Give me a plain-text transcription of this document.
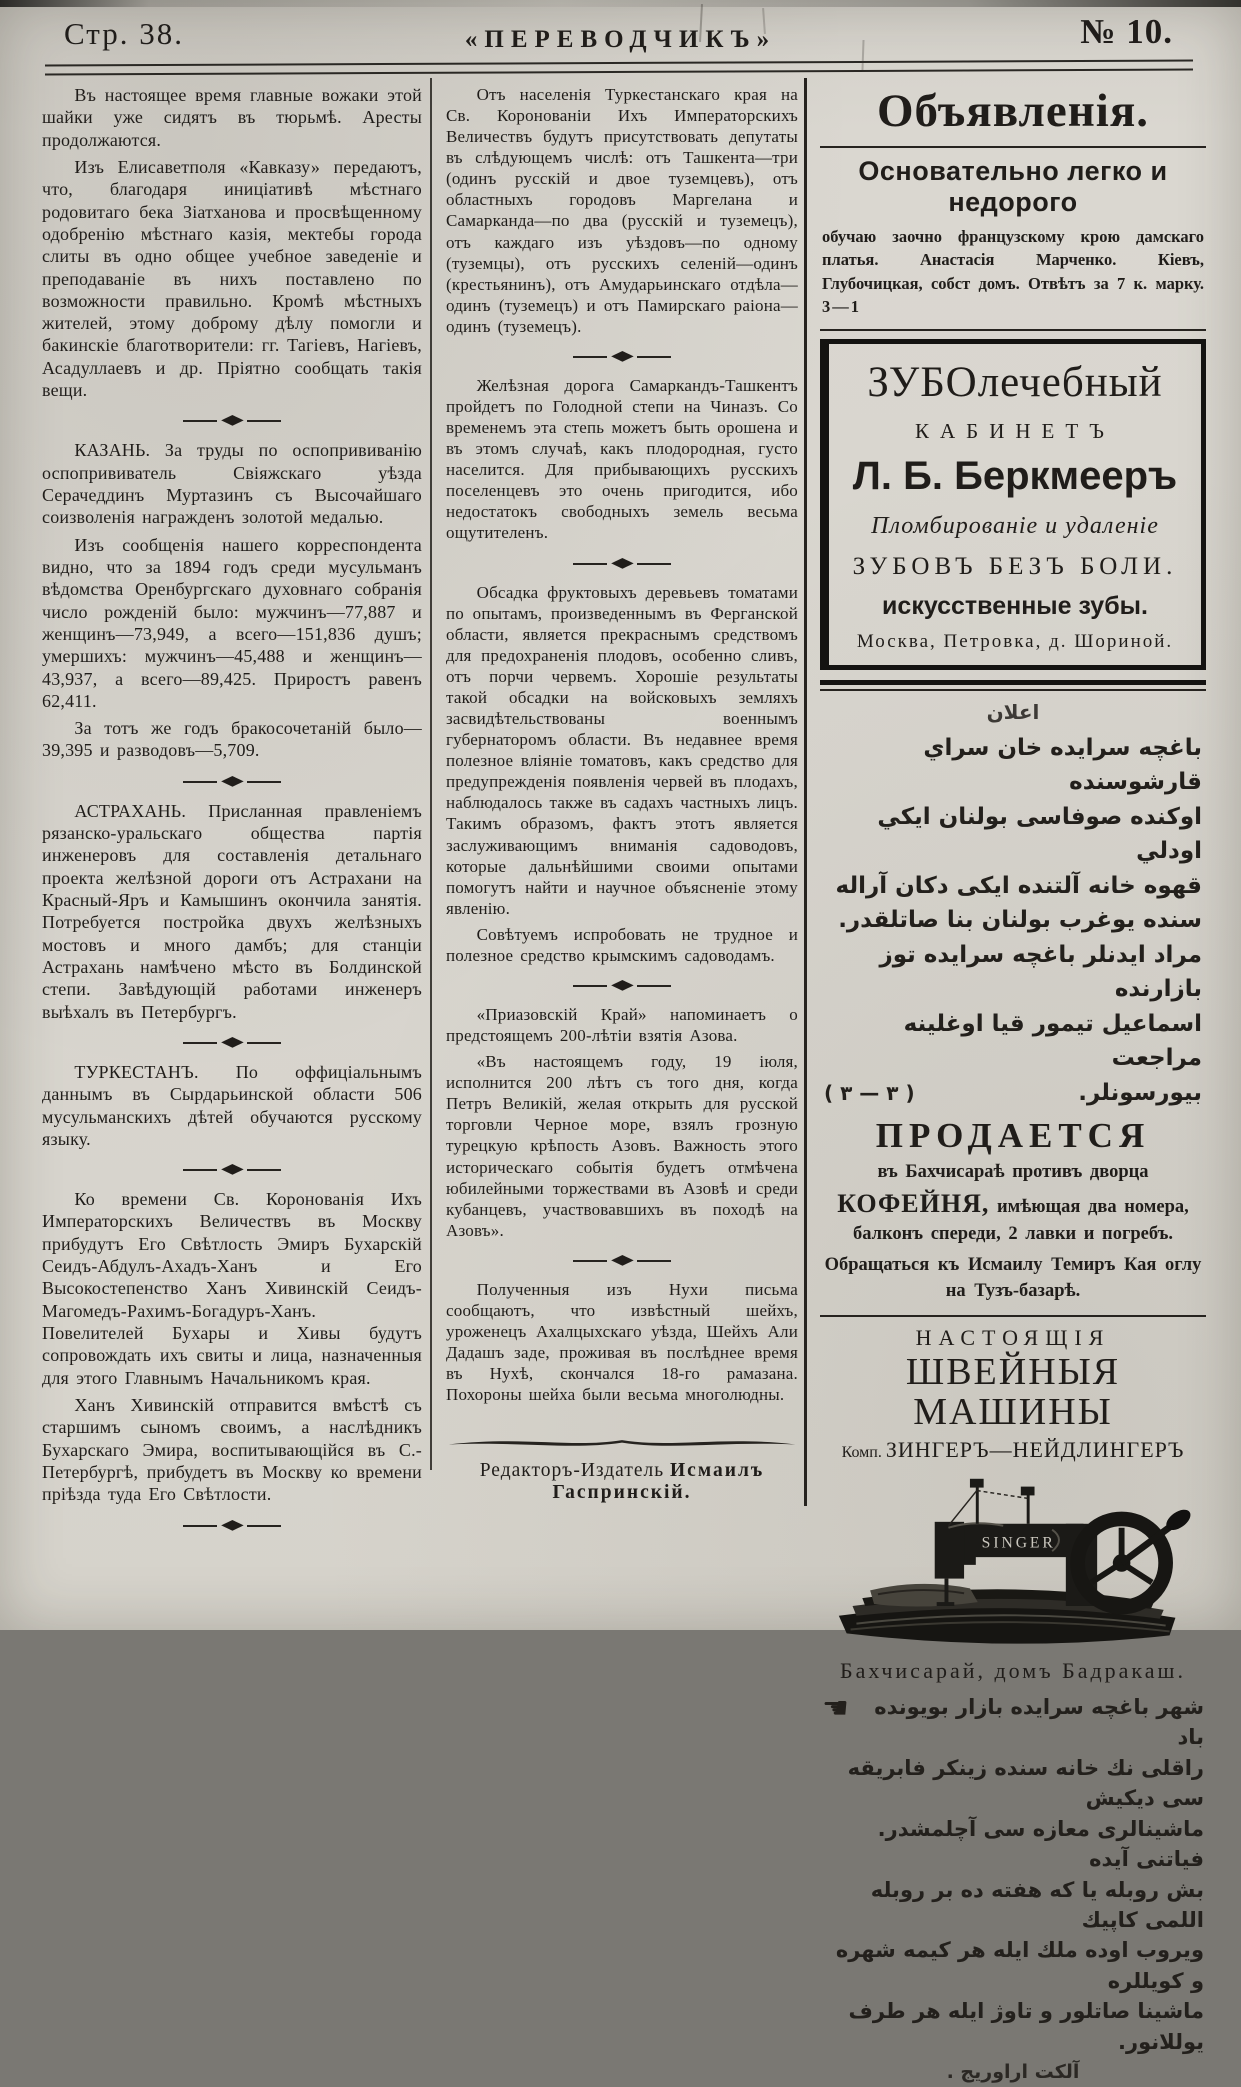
Стр. 38.	«ПЕРЕВОДЧИКЪ»	№ 10.

Въ настоящее время главные вожаки этой шайки уже сидятъ въ тюрьмѣ. Аресты продолжаются.

Изъ Елисаветполя «Кавказу» передаютъ, что, благодаря иниціативѣ мѣстнаго родовитаго бека Зіатханова и просвѣщенному одобренію мѣстнаго казія, мектебы города слиты въ одно общее учебное заведеніе и преподаваніе въ нихъ поставлено по возможности правильно. Кромѣ мѣстныхъ жителей, этому доброму дѣлу помогли и бакинскіе благотворители: гг. Тагіевъ, Нагіевъ, Асадуллаевъ и др. Пріятно сообщать такія вещи.

◆

КАЗАНЬ. За труды по оспопрививанію оспопрививатель Свіяжскаго уѣзда Серачеддинъ Муртазинъ съ Высочайшаго соизволенія награжденъ золотой медалью.

Изъ сообщенія нашего корреспондента видно, что за 1894 годъ среди мусульманъ вѣдомства Оренбургскаго духовнаго собранія число рожденій было: мужчинъ—77,887 и женщинъ—73,949, а всего—151,836 душъ; умершихъ: мужчинъ—45,488 и женщинъ—43,937, а всего—89,425. Приростъ равенъ 62,411.

За тотъ же годъ бракосочетаній было—39,395 и разводовъ—5,709.

◆

АСТРАХАНЬ. Присланная правленіемъ рязанско-уральскаго общества партія инженеровъ для составленія детальнаго проекта желѣзной дороги отъ Астрахани на Красный-Яръ и Камышинъ окончила занятія. Потребуется постройка двухъ желѣзныхъ мостовъ и много дамбъ; для станціи Астрахань намѣчено мѣсто въ Болдинской степи. Завѣдующій работами инженеръ выѣхалъ въ Петербургъ.

◆

ТУРКЕСТАНЪ. По оффиціальнымъ даннымъ въ Сырдарьинской области 506 мусульманскихъ дѣтей обучаются русскому языку.

◆

Ко времени Св. Коронованія Ихъ Императорскихъ Величествъ въ Москву прибудутъ Его Свѣтлость Эмиръ Бухарскій Сеидъ-Абдулъ-Ахадъ-Ханъ и Его Высокостепенство Ханъ Хивинскій Сеидъ-Магомедъ-Рахимъ-Богадуръ-Ханъ. Повелителей Бухары и Хивы будутъ сопровождать ихъ свиты и лица, назначенныя для этого Главнымъ Начальникомъ края.

Ханъ Хивинскій отправится вмѣстѣ съ старшимъ сыномъ своимъ, а наслѣдникъ Бухарскаго Эмира, воспитывающійся въ С.-Петербургѣ, прибудетъ въ Москву ко времени пріѣзда туда Его Свѣтлости.

◆

Отъ населенія Туркестанскаго края на Св. Коронованіи Ихъ Императорскихъ Величествъ будутъ присутствовать депутаты въ слѣдующемъ числѣ: отъ Ташкента—три (одинъ русскій и двое туземцевъ), отъ областныхъ городовъ Маргелана и Самарканда—по два (русскій и туземецъ), отъ каждаго изъ уѣздовъ—по одному (туземцы), отъ русскихъ селеній—одинъ (крестьянинъ), отъ Амударьинскаго отдѣла—одинъ (туземецъ) и отъ Памирскаго раіона—одинъ (туземецъ).

◆

Желѣзная дорога Самаркандъ-Ташкентъ пройдетъ по Голодной степи на Чиназъ. Со временемъ эта степь можетъ быть орошена и въ этомъ случаѣ, какъ плодородная, густо населится. Для прибывающихъ русскихъ поселенцевъ это очень пригодится, ибо недостатокъ свободныхъ земель весьма ощутителенъ.

◆

Обсадка фруктовыхъ деревьевъ томатами по опытамъ, произведеннымъ въ Ферганской области, является прекраснымъ средствомъ для предохраненія плодовъ, особенно сливъ, отъ порчи червемъ. Хорошіе результаты такой обсадки на войсковыхъ земляхъ засвидѣтельствованы военнымъ губернаторомъ области. Въ недавнее время полезное вліяніе томатовъ, какъ средство для предупрежденія появленія червей въ плодахъ, наблюдалось также въ садахъ частныхъ лицъ. Такимъ образомъ, фактъ этотъ является заслуживающимъ вниманія садоводовъ, которые дальнѣйшими своими опытами помогутъ найти и научное объясненіе этому явленію.

Совѣтуемъ испробовать не трудное и полезное средство крымскимъ садоводамъ.

◆

«Приазовскій Край» напоминаетъ о предстоящемъ 200-лѣтіи взятія Азова.

«Въ настоящемъ году, 19 іюля, исполнится 200 лѣтъ съ того дня, когда Петръ Великій, желая открыть для русской торговли Черное море, взялъ грозную турецкую крѣпость Азовъ. Важность этого историческаго событія будетъ отмѣчена юбилейными торжествами въ Азовѣ и среди кубанцевъ, участвовавшихъ въ походѣ на Азовъ».

◆

Полученныя изъ Нухи письма сообщаютъ, что извѣстный шейхъ, уроженецъ Ахалцыхскаго уѣзда, Шейхъ Али Дадашъ заде, проживая въ послѣднее время въ Нухѣ, скончался 18-го рамазана. Похороны шейха были весьма многолюдны.

Редакторъ-Издатель Исмаилъ Гаспринскій.
Объявленія.
Основательно легко и недорого
обучаю заочно французскому крою дамскаго платья. Анастасія Марченко. Кіевъ, Глубочицкая, собст домъ. Отвѣтъ за 7 к. марку. 3—1
ЗУБОлечебный
КАБИНЕТЪ
Л. Б. Беркмееръ
Пломбированіе и удаленіе
ЗУБОВЪ БЕЗЪ БОЛИ.
искусственные зубы.
Москва, Петровка, д. Шориной.
اعلان
باغچه سرايده خان سراي قارشوسنده
اوكنده صوفاسى بولنان ايكي اودلي
قهوه خانه آلتنده ايكى دكان آراله
سنده يوغرب بولنان بنا صاتلقدر.
مراد ايدنلر باغچه سرايده توز بازارنده
اسماعيل تيمور قيا اوغلينه مراجعت
بيورسونلر.
( ٣ — ٣ )
ПРОДАЕТСЯ
въ Бахчисараѣ противъ дворца КОФЕЙНЯ, имѣющая два номера, балконъ спереди, 2 лавки и погребъ.
Обращаться къ Исмаилу Темиръ Кая оглу на Тузъ-базарѣ.
НАСТОЯЩІЯ
ШВЕЙНЫЯ МАШИНЫ
Комп. ЗИНГЕРЪ—НЕЙДЛИНГЕРЪ
SINGER
Бахчисарай, домъ Бадракаш.
☚ شهر باغچه سرايده بازار بويونده باد
راقلى نك خانه سنده زينكر فابريقه سى ديكيش
ماشينالرى معازه سى آچلمشدر. فياتنى آيده
بش روبله يا كه هفته ده بر روبله اللمى كاپيك
ويروب اوده ملك ايله هر كيمه شهره و كويللره
ماشينا صاتلور و تاوژ ايله هر طرف يوللانور.
آلكت اراوريج .
